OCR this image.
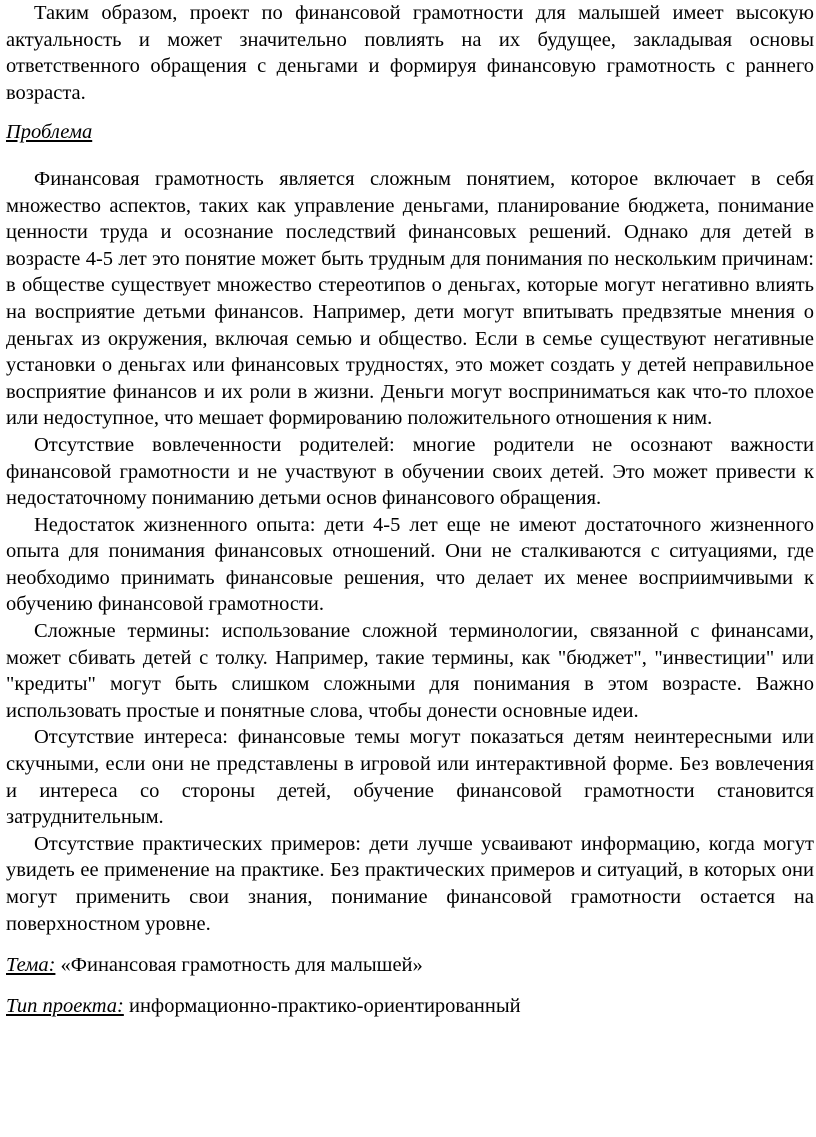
Таким образом, проект по финансовой грамотности для малышей имеет высокую актуальность и может значительно повлиять на их будущее, закладывая основы ответственного обращения с деньгами и формируя финансовую грамотность с раннего возраста.

Проблема

Финансовая грамотность является сложным понятием, которое включает в себя множество аспектов, таких как управление деньгами, планирование бюджета, понимание ценности труда и осознание последствий финансовых решений. Однако для детей в возрасте 4-5 лет это понятие может быть трудным для понимания по нескольким причинам: в обществе существует множество стереотипов о деньгах, которые могут негативно влиять на восприятие детьми финансов. Например, дети могут впитывать предвзятые мнения о деньгах из окружения, включая семью и общество. Если в семье существуют негативные установки о деньгах или финансовых трудностях, это может создать у детей неправильное восприятие финансов и их роли в жизни. Деньги могут восприниматься как что-то плохое или недоступное, что мешает формированию положительного отношения к ним.

Отсутствие вовлеченности родителей: многие родители не осознают важности финансовой грамотности и не участвуют в обучении своих детей. Это может привести к недостаточному пониманию детьми основ финансового обращения.

Недостаток жизненного опыта: дети 4-5 лет еще не имеют достаточного жизненного опыта для понимания финансовых отношений. Они не сталкиваются с ситуациями, где необходимо принимать финансовые решения, что делает их менее восприимчивыми к обучению финансовой грамотности.

Сложные термины: использование сложной терминологии, связанной с финансами, может сбивать детей с толку. Например, такие термины, как "бюджет", "инвестиции" или "кредиты" могут быть слишком сложными для понимания в этом возрасте. Важно использовать простые и понятные слова, чтобы донести основные идеи.

Отсутствие интереса: финансовые темы могут показаться детям неинтересными или скучными, если они не представлены в игровой или интерактивной форме. Без вовлечения и интереса со стороны детей, обучение финансовой грамотности становится затруднительным.

Отсутствие практических примеров: дети лучше усваивают информацию, когда могут увидеть ее применение на практике. Без практических примеров и ситуаций, в которых они могут применить свои знания, понимание финансовой грамотности остается на поверхностном уровне.

Тема: «Финансовая грамотность для малышей»

Тип проекта: информационно-практико-ориентированный
